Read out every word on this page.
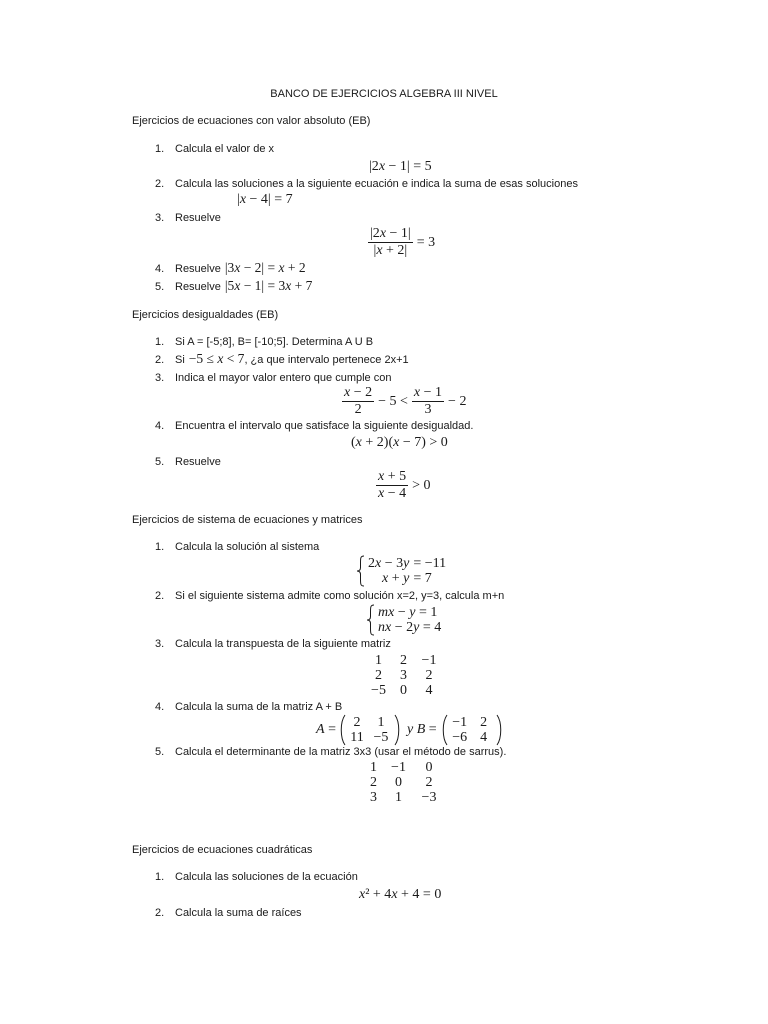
BANCO DE EJERCICIOS ALGEBRA III NIVEL
Ejercicios de ecuaciones con valor absoluto (EB)
1. Calcula el valor de x
|2x − 1| = 5
2. Calcula las soluciones a la siguiente ecuación e indica la suma de esas soluciones
|x − 4| = 7
3. Resuelve
$\frac{|2x - 1|}{|x + 2|} = 3$
4. Resuelve |3x − 2| = x + 2
5. Resuelve |5x − 1| = 3x + 7
Ejercicios desigualdades (EB)
1. Si A = [-5;8], B= [-10;5]. Determina A U B
2. Si −5 ≤ x < 7, ¿a que intervalo pertenece 2x+1
3. Indica el mayor valor entero que cumple con
$\frac{x - 2}{2} - 5 < \frac{x - 1}{3} - 2$
4. Encuentra el intervalo que satisface la siguiente desigualdad.
(x + 2)(x − 7) > 0
5. Resuelve
$\frac{x + 5}{x - 4} > 0$
Ejercicios de sistema de ecuaciones y matrices
1. Calcula la solución al sistema
2x − 3y = −11
x + y = 7
2. Si el siguiente sistema admite como solución x=2, y=3, calcula m+n
mx − y = 1
nx − 2y = 4
3. Calcula la transpuesta de la siguiente matriz
1	2	−1
2	3	2
−5	0	4
4. Calcula la suma de la matriz A + B
A =	2	1
11 −5
y B =	−1 2
−6 4
5. Calcula el determinante de la matriz 3x3 (usar el método de sarrus).
1	−1	0
2	0	2
3	1	−3
Ejercicios de ecuaciones cuadráticas
1. Calcula las soluciones de la ecuación
x² + 4x + 4 = 0
2. Calcula la suma de raíces
